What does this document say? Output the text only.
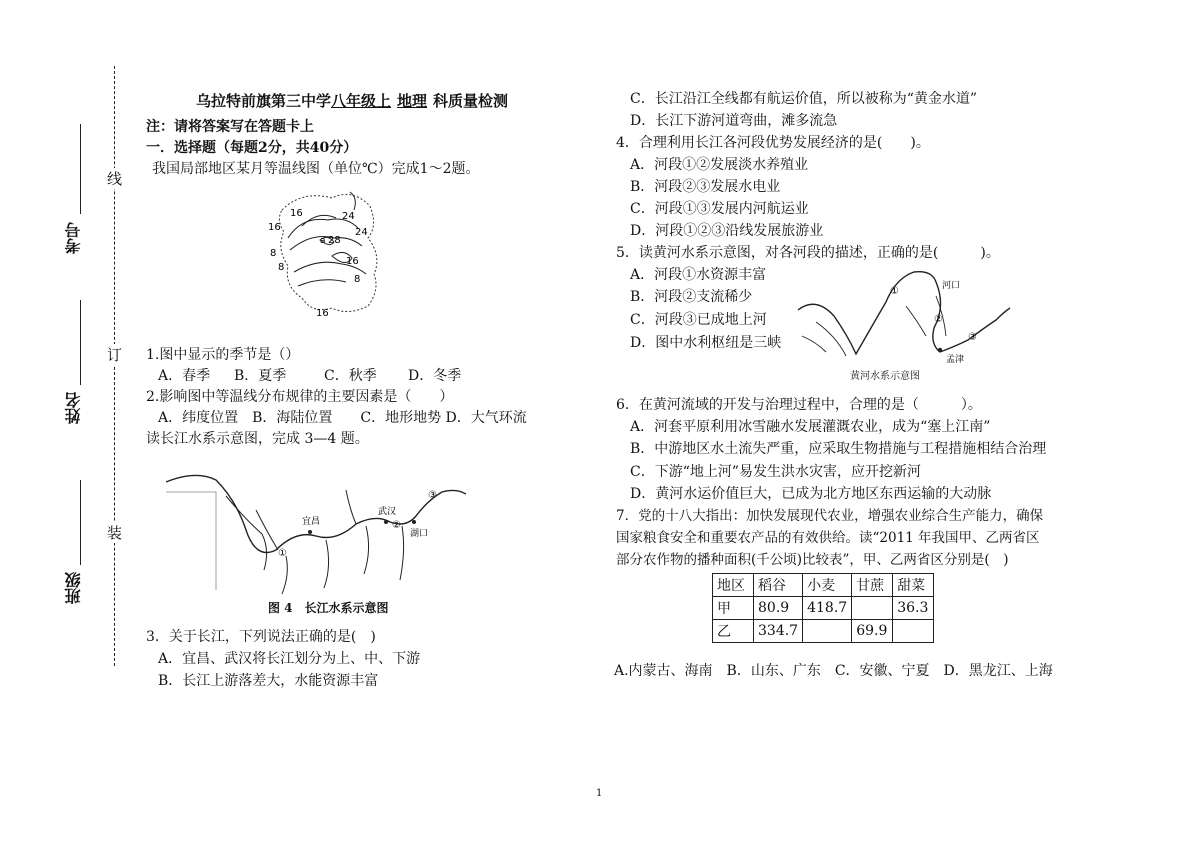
线
订
装
考号
姓名
班级
乌拉特前旗第三中学八年级上 地理 科质量检测
注：请将答案写在答题卡上
一．选择题（每题2分，共40分）
我国局部地区某月等温线图（单位℃）完成1～2题。
16	24
16
a 28
24
8
16
8
8
16
1.图中显示的季节是（）
A．春季 B．夏季	C．秋季 D．冬季
2.影响图中等温线分布规律的主要因素是（　　）
A．纬度位置　B．海陆位置　　C．地形地势 D．大气环流
读长江水系示意图，完成 3—4 题。
宜昌
武汉
湖口
①
②
③
图 4　长江水系示意图
3．关于长江，下列说法正确的是(　)
A．宜昌、武汉将长江划分为上、中、下游
B．长江上游落差大，水能资源丰富
C．长江沿江全线都有航运价值，所以被称为“黄金水道”
D．长江下游河道弯曲，滩多流急
4．合理利用长江各河段优势发展经济的是(　　)。
A．河段①②发展淡水养殖业
B．河段②③发展水电业
C．河段①③发展内河航运业
D．河段①②③沿线发展旅游业
5．读黄河水系示意图，对各河段的描述，正确的是(　　　)。
A．河段①水资源丰富
B．河段②支流稀少
C．河段③已成地上河
D．图中水利枢纽是三峡
河口
①
②
③
孟津
黄河水系示意图
6．在黄河流域的开发与治理过程中，合理的是（　　　）。
A．河套平原利用冰雪融水发展灌溉农业，成为“塞上江南”
B．中游地区水土流失严重，应采取生物措施与工程措施相结合治理
C．下游“地上河”易发生洪水灾害，应开挖新河
D．黄河水运价值巨大，已成为北方地区东西运输的大动脉
7．党的十八大指出：加快发展现代农业，增强农业综合生产能力，确保
国家粮食安全和重要农产品的有效供给。读“2011 年我国甲、乙两省区
部分农作物的播种面积(千公顷)比较表”，甲、乙两省区分别是(　)
地区	稻谷	小麦	甘蔗	甜菜
甲	80.9	418.7		36.3
乙	334.7		69.9	
A.内蒙古、海南　B．山东、广东　C．安徽、宁夏　D．黑龙江、上海
1
